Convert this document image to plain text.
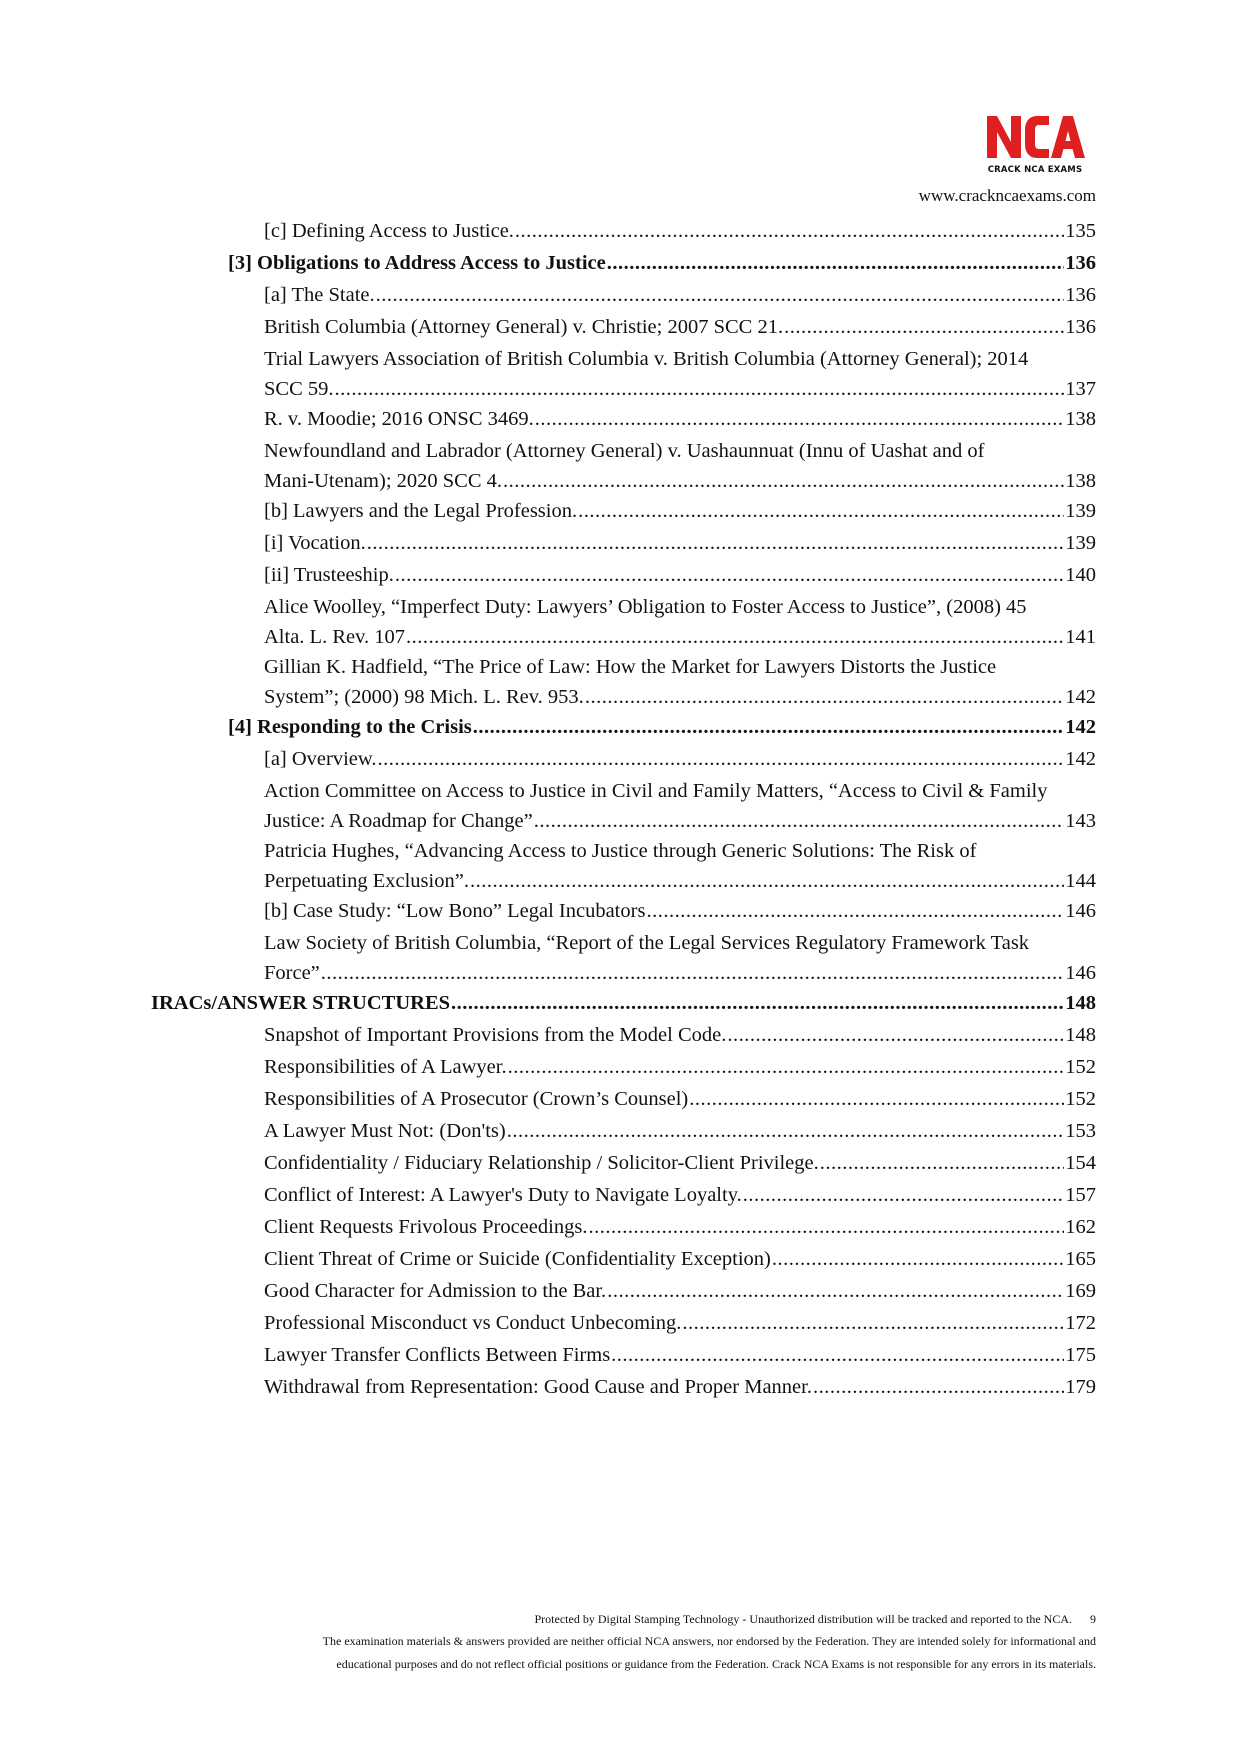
CRACK NCA EXAMS
www.crackncaexams.com
[c] Defining Access to Justice. .....	135
[3] Obligations to Address Access to Justice .....	136
[a] The State. .....	136
British Columbia (Attorney General) v. Christie; 2007 SCC 21. .....	136
Trial Lawyers Association of British Columbia v. British Columbia (Attorney General); 2014
SCC 59. .....	137
R. v. Moodie; 2016 ONSC 3469. .....	138
Newfoundland and Labrador (Attorney General) v. Uashaunnuat (Innu of Uashat and of
Mani-Utenam); 2020 SCC 4. .....	138
[b] Lawyers and the Legal Profession. .....	139
[i] Vocation. .....	139
[ii] Trusteeship. .....	140
Alice Woolley, “Imperfect Duty: Lawyers’ Obligation to Foster Access to Justice”, (2008) 45
Alta. L. Rev. 107 .....	141
Gillian K. Hadfield, “The Price of Law: How the Market for Lawyers Distorts the Justice
System”; (2000) 98 Mich. L. Rev. 953. .....	142
[4] Responding to the Crisis .....	142
[a] Overview. .....	142
Action Committee on Access to Justice in Civil and Family Matters, “Access to Civil & Family
Justice: A Roadmap for Change” .....	143
Patricia Hughes, “Advancing Access to Justice through Generic Solutions: The Risk of
Perpetuating Exclusion”. .....	144
[b] Case Study: “Low Bono” Legal Incubators .....	146
Law Society of British Columbia, “Report of the Legal Services Regulatory Framework Task
Force” .....	146
IRACs/ANSWER STRUCTURES .....	148
Snapshot of Important Provisions from the Model Code. .....	148
Responsibilities of A Lawyer. .....	152
Responsibilities of A Prosecutor (Crown’s Counsel) .....	152
A Lawyer Must Not: (Don'ts) .....	153
Confidentiality / Fiduciary Relationship / Solicitor-Client Privilege. .....	154
Conflict of Interest: A Lawyer's Duty to Navigate Loyalty. .....	157
Client Requests Frivolous Proceedings. .....	162
Client Threat of Crime or Suicide (Confidentiality Exception) .....	165
Good Character for Admission to the Bar. .....	169
Professional Misconduct vs Conduct Unbecoming. .....	172
Lawyer Transfer Conflicts Between Firms .....	175
Withdrawal from Representation: Good Cause and Proper Manner. .....	179
Protected by Digital Stamping Technology - Unauthorized distribution will be tracked and reported to the NCA. 9
The examination materials & answers provided are neither official NCA answers, nor endorsed by the Federation. They are intended solely for informational and
educational purposes and do not reflect official positions or guidance from the Federation. Crack NCA Exams is not responsible for any errors in its materials.
